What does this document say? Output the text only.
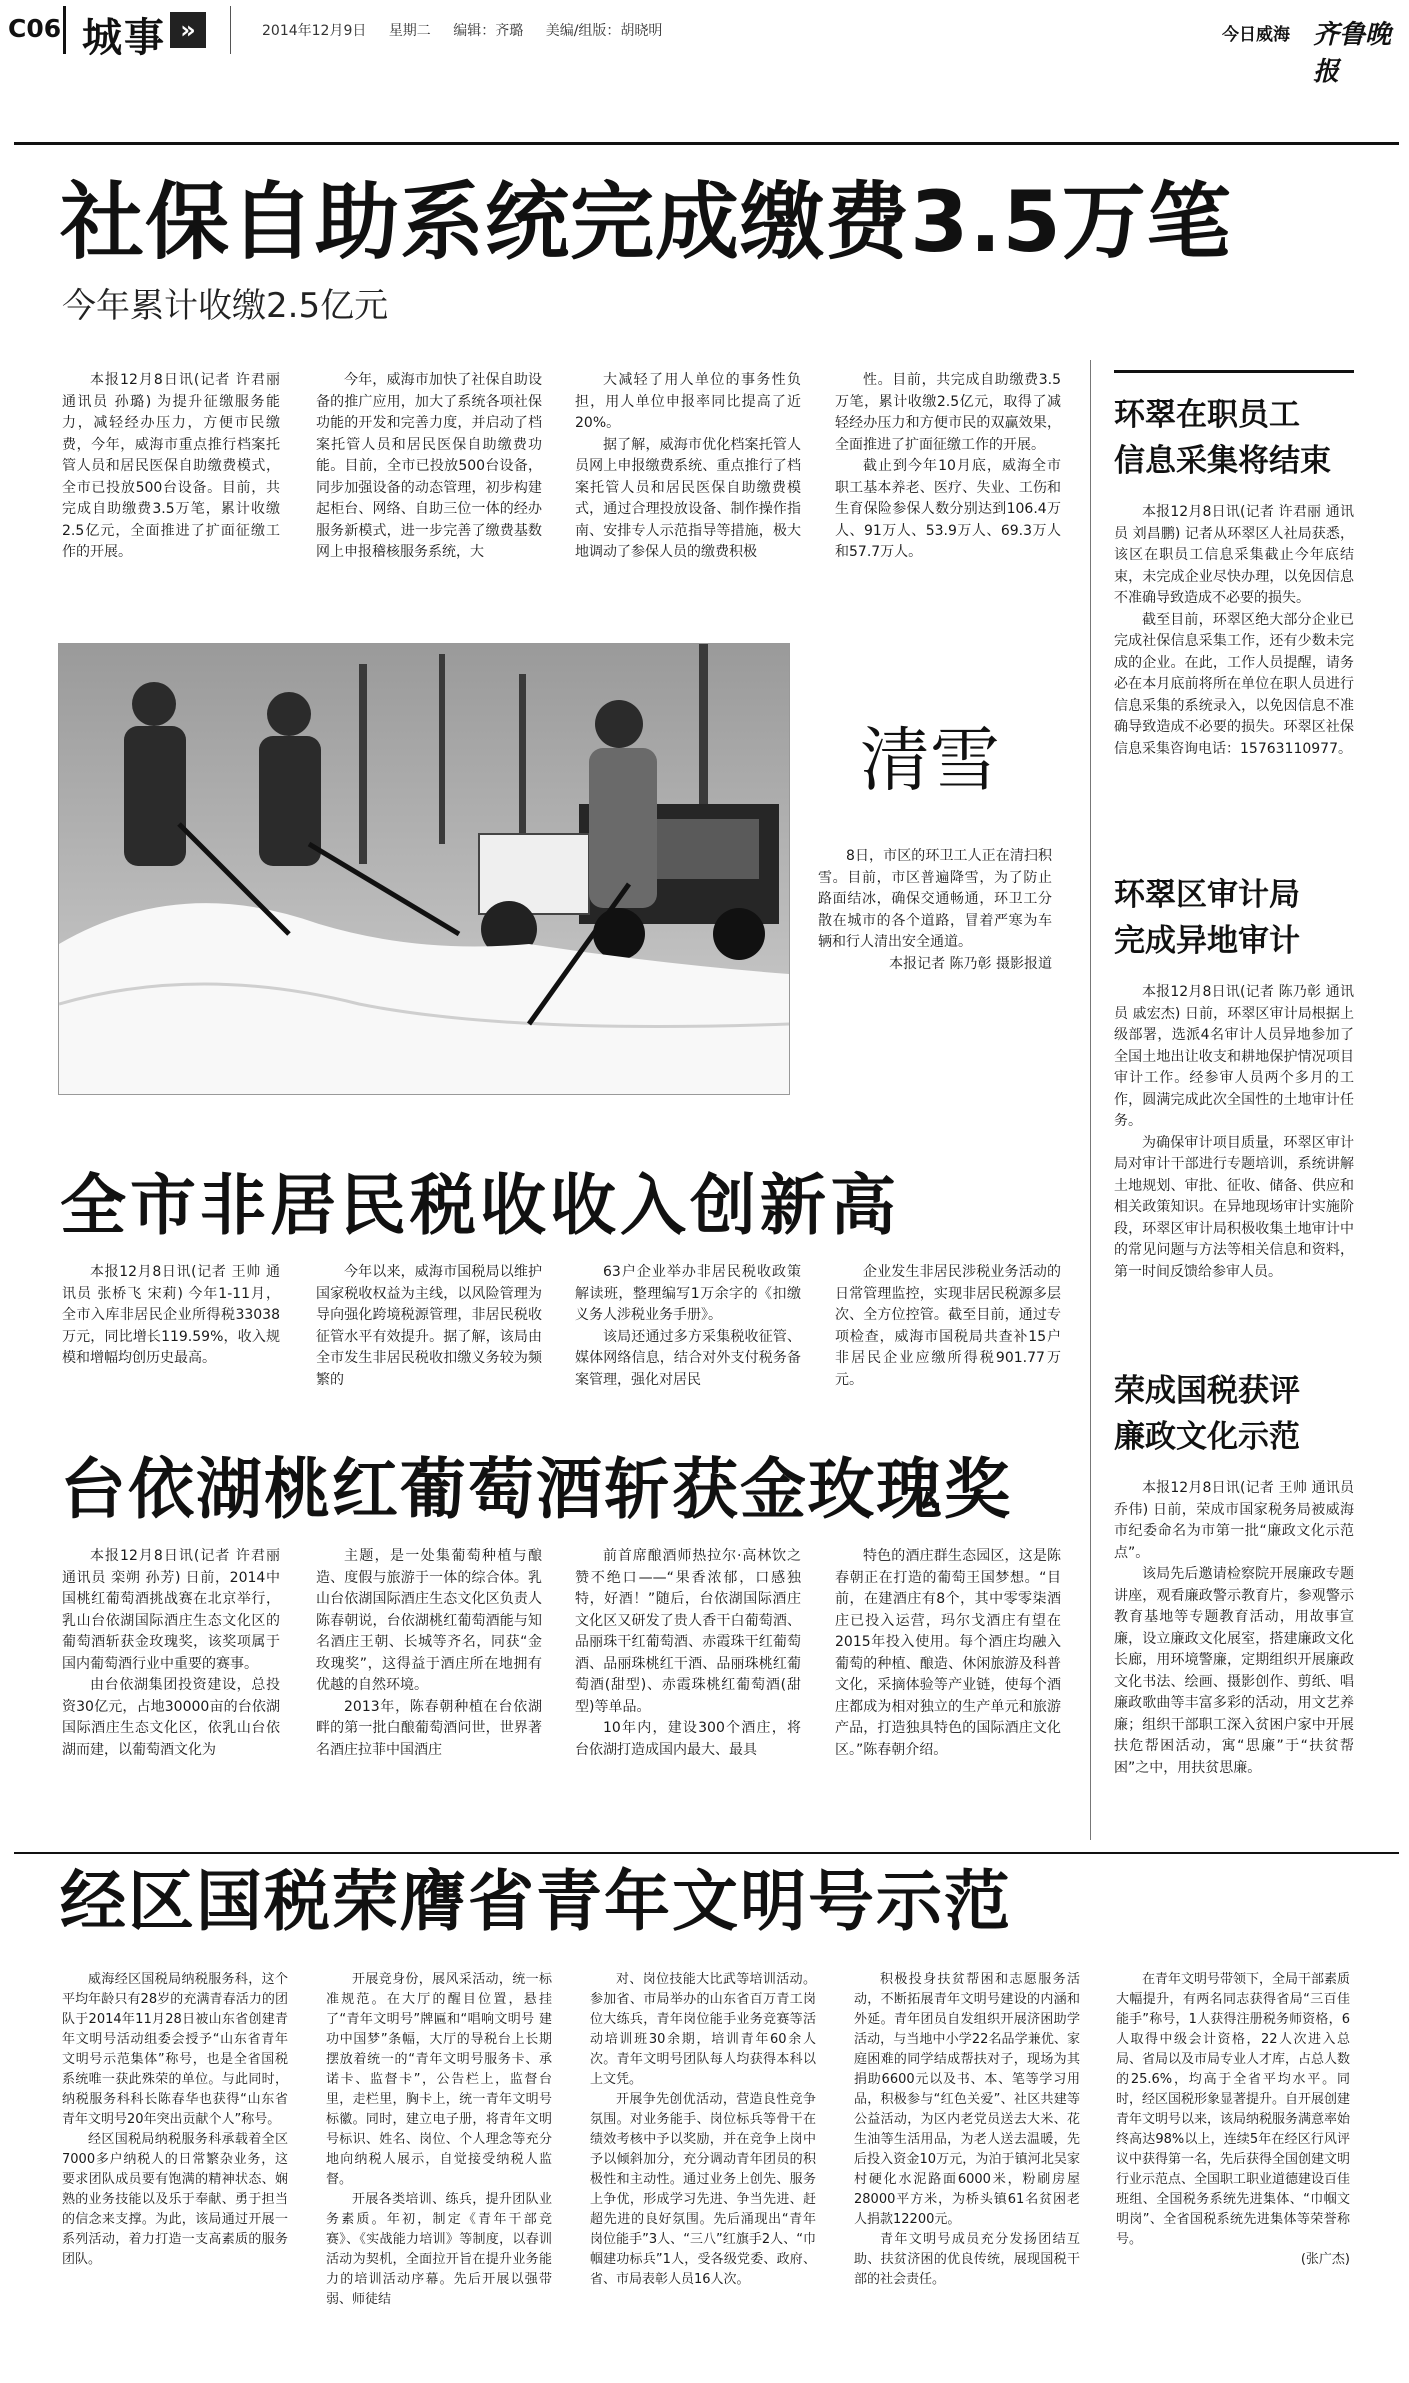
C06 城事 »	2014年12月9日 星期二 编辑：齐璐 美编/组版：胡晓明	今日威海 齐鲁晚报
社保自助系统完成缴费3.5万笔
今年累计收缴2.5亿元

本报12月8日讯(记者 许君丽 通讯员 孙璐) 为提升征缴服务能力，减轻经办压力，方便市民缴费，今年，威海市重点推行档案托管人员和居民医保自助缴费模式，全市已投放500台设备。目前，共完成自助缴费3.5万笔，累计收缴2.5亿元，全面推进了扩面征缴工作的开展。

今年，威海市加快了社保自助设备的推广应用，加大了系统各项社保功能的开发和完善力度，并启动了档案托管人员和居民医保自助缴费功能。目前，全市已投放500台设备，同步加强设备的动态管理，初步构建起柜台、网络、自助三位一体的经办服务新模式，进一步完善了缴费基数网上申报稽核服务系统，大

大减轻了用人单位的事务性负担，用人单位申报率同比提高了近20%。

据了解，威海市优化档案托管人员网上申报缴费系统、重点推行了档案托管人员和居民医保自助缴费模式，通过合理投放设备、制作操作指南、安排专人示范指导等措施，极大地调动了参保人员的缴费积极

性。目前，共完成自助缴费3.5万笔，累计收缴2.5亿元，取得了减轻经办压力和方便市民的双赢效果，全面推进了扩面征缴工作的开展。

截止到今年10月底，威海全市职工基本养老、医疗、失业、工伤和生育保险参保人数分别达到106.4万人、91万人、53.9万人、69.3万人和57.7万人。

清雪

8日，市区的环卫工人正在清扫积雪。目前，市区普遍降雪，为了防止路面结冰，确保交通畅通，环卫工分散在城市的各个道路，冒着严寒为车辆和行人清出安全通道。

本报记者 陈乃彰 摄影报道
全市非居民税收收入创新高

本报12月8日讯(记者 王帅 通讯员 张桥飞 宋莉) 今年1-11月，全市入库非居民企业所得税33038万元，同比增长119.59%，收入规模和增幅均创历史最高。

今年以来，威海市国税局以维护国家税收权益为主线，以风险管理为导向强化跨境税源管理，非居民税收征管水平有效提升。据了解，该局由全市发生非居民税收扣缴义务较为频繁的

63户企业举办非居民税收政策解读班，整理编写1万余字的《扣缴义务人涉税业务手册》。

该局还通过多方采集税收征管、媒体网络信息，结合对外支付税务备案管理，强化对居民

企业发生非居民涉税业务活动的日常管理监控，实现非居民税源多层次、全方位控管。截至目前，通过专项检查，威海市国税局共查补15户非居民企业应缴所得税901.77万元。

台依湖桃红葡萄酒斩获金玫瑰奖

本报12月8日讯(记者 许君丽 通讯员 栾朔 孙芳) 日前，2014中国桃红葡萄酒挑战赛在北京举行，乳山台依湖国际酒庄生态文化区的葡萄酒斩获金玫瑰奖，该奖项属于国内葡萄酒行业中重要的赛事。

由台依湖集团投资建设，总投资30亿元，占地30000亩的台依湖国际酒庄生态文化区，依乳山台依湖而建，以葡萄酒文化为

主题，是一处集葡萄种植与酿造、度假与旅游于一体的综合体。乳山台依湖国际酒庄生态文化区负责人陈春朝说，台依湖桃红葡萄酒能与知名酒庄王朝、长城等齐名，同获“金玫瑰奖”，这得益于酒庄所在地拥有优越的自然环境。

2013年，陈春朝种植在台依湖畔的第一批白酿葡萄酒问世，世界著名酒庄拉菲中国酒庄

前首席酿酒师热拉尔·高林饮之赞不绝口——“果香浓郁，口感独特，好酒！”随后，台依湖国际酒庄文化区又研发了贵人香干白葡萄酒、品丽珠干红葡萄酒、赤霞珠干红葡萄酒、品丽珠桃红干酒、品丽珠桃红葡萄酒(甜型)、赤霞珠桃红葡萄酒(甜型)等单品。

10年内，建设300个酒庄，将台依湖打造成国内最大、最具

特色的酒庄群生态园区，这是陈春朝正在打造的葡萄王国梦想。“目前，在建酒庄有8个，其中零零柒酒庄已投入运营，玛尔戈酒庄有望在2015年投入使用。每个酒庄均融入葡萄的种植、酿造、休闲旅游及科普文化，采摘体验等产业链，使每个酒庄都成为相对独立的生产单元和旅游产品，打造独具特色的国际酒庄文化区。”陈春朝介绍。

经区国税荣膺省青年文明号示范

威海经区国税局纳税服务科，这个平均年龄只有28岁的充满青春活力的团队于2014年11月28日被山东省创建青年文明号活动组委会授予“山东省青年文明号示范集体”称号，也是全省国税系统唯一获此殊荣的单位。与此同时，纳税服务科科长陈春华也获得“山东省青年文明号20年突出贡献个人”称号。

经区国税局纳税服务科承载着全区7000多户纳税人的日常繁杂业务，这要求团队成员要有饱满的精神状态、娴熟的业务技能以及乐于奉献、勇于担当的信念来支撑。为此，该局通过开展一系列活动，着力打造一支高素质的服务团队。

开展竞身份，展风采活动，统一标准规范。在大厅的醒目位置，悬挂了“青年文明号”牌匾和“唱响文明号 建功中国梦”条幅，大厅的导税台上长期摆放着统一的“青年文明号服务卡、承诺卡、监督卡”，公告栏上，监督台里，走栏里，胸卡上，统一青年文明号标徽。同时，建立电子册，将青年文明号标识、姓名、岗位、个人理念等充分地向纳税人展示，自觉接受纳税人监督。

开展各类培训、练兵，提升团队业务素质。年初，制定《青年干部竞赛》、《实战能力培训》等制度，以春训活动为契机，全面拉开旨在提升业务能力的培训活动序幕。先后开展以强带弱、师徒结

对、岗位技能大比武等培训活动。参加省、市局举办的山东省百万青工岗位大练兵，青年岗位能手业务竞赛等活动培训班30余期，培训青年60余人次。青年文明号团队每人均获得本科以上文凭。

开展争先创优活动，营造良性竞争氛围。对业务能手、岗位标兵等骨干在绩效考核中予以奖励，并在竞争上岗中予以倾斜加分，充分调动青年团员的积极性和主动性。通过业务上创先、服务上争优，形成学习先进、争当先进、赶超先进的良好氛围。先后涌现出“青年岗位能手”3人、“三八”红旗手2人、“巾帼建功标兵”1人，受各级党委、政府、省、市局表彰人员16人次。

积极投身扶贫帮困和志愿服务活动，不断拓展青年文明号建设的内涵和外延。青年团员自发组织开展济困助学活动，与当地中小学22名品学兼优、家庭困难的同学结成帮扶对子，现场为其捐助6600元以及书、本、笔等学习用品，积极参与“红色关爱”、社区共建等公益活动，为区内老党员送去大米、花生油等生活用品，为老人送去温暖，先后投入资金10万元，为泊于镇河北吴家村硬化水泥路面6000米，粉刷房屋28000平方米，为桥头镇61名贫困老人捐款12200元。

青年文明号成员充分发扬团结互助、扶贫济困的优良传统，展现国税干部的社会责任。

在青年文明号带领下，全局干部素质大幅提升，有两名同志获得省局“三百佳能手”称号，1人获得注册税务师资格，6人取得中级会计资格，22人次进入总局、省局以及市局专业人才库，占总人数的25.6%，均高于全省平均水平。同时，经区国税形象显著提升。自开展创建青年文明号以来，该局纳税服务满意率始终高达98%以上，连续5年在经区行风评议中获得第一名，先后获得全国创建文明行业示范点、全国职工职业道德建设百佳班组、全国税务系统先进集体、“巾帼文明岗”、全省国税系统先进集体等荣誉称号。

(张广杰)
环翠在职员工
信息采集将结束

本报12月8日讯(记者 许君丽 通讯员 刘昌鹏) 记者从环翠区人社局获悉，该区在职员工信息采集截止今年底结束，未完成企业尽快办理，以免因信息不准确导致造成不必要的损失。

截至目前，环翠区绝大部分企业已完成社保信息采集工作，还有少数未完成的企业。在此，工作人员提醒，请务必在本月底前将所在单位在职人员进行信息采集的系统录入，以免因信息不准确导致造成不必要的损失。环翠区社保信息采集咨询电话：15763110977。

环翠区审计局
完成异地审计

本报12月8日讯(记者 陈乃彰 通讯员 戚宏杰) 日前，环翠区审计局根据上级部署，选派4名审计人员异地参加了全国土地出让收支和耕地保护情况项目审计工作。经参审人员两个多月的工作，圆满完成此次全国性的土地审计任务。

为确保审计项目质量，环翠区审计局对审计干部进行专题培训，系统讲解土地规划、审批、征收、储备、供应和相关政策知识。在异地现场审计实施阶段，环翠区审计局积极收集土地审计中的常见问题与方法等相关信息和资料，第一时间反馈给参审人员。

荣成国税获评
廉政文化示范

本报12月8日讯(记者 王帅 通讯员 乔伟) 日前，荣成市国家税务局被威海市纪委命名为市第一批“廉政文化示范点”。

该局先后邀请检察院开展廉政专题讲座，观看廉政警示教育片，参观警示教育基地等专题教育活动，用故事宣廉，设立廉政文化展室，搭建廉政文化长廊，用环境警廉，定期组织开展廉政文化书法、绘画、摄影创作、剪纸、唱廉政歌曲等丰富多彩的活动，用文艺养廉；组织干部职工深入贫困户家中开展扶危帮困活动，寓“思廉”于“扶贫帮困”之中，用扶贫思廉。
